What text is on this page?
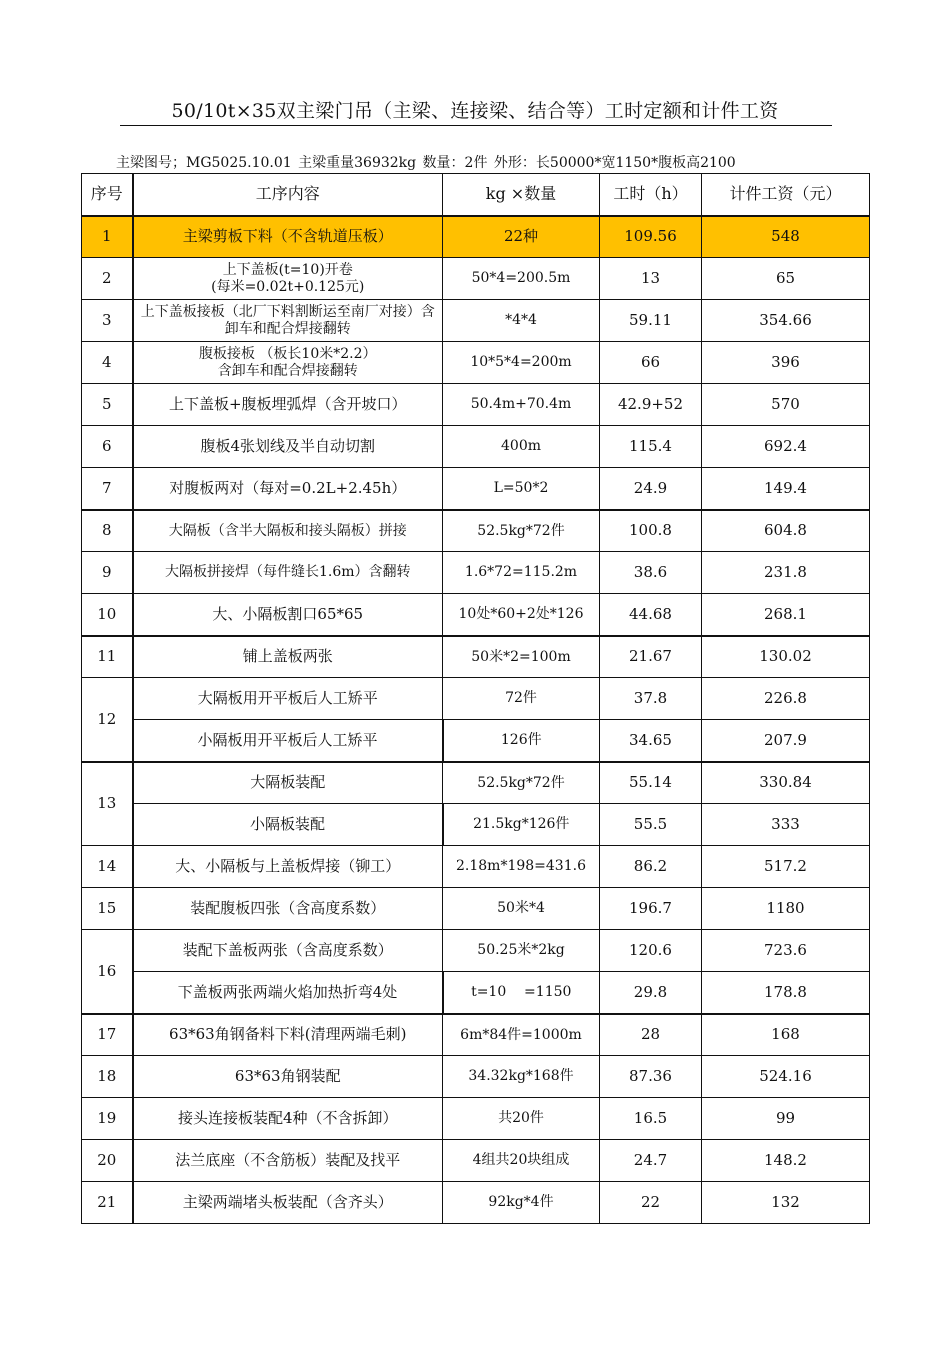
50/10t×35双主梁门吊（主梁、连接梁、结合等）工时定额和计件工资
主梁图号；MG5025.10.01 主梁重量36932kg 数量：2件 外形：长50000*宽1150*腹板高2100
序号	工序内容	kg ×数量	工时（h）	计件工资（元）
1	主梁剪板下料（不含轨道压板）	22种	109.56	548
2	上下盖板(t=10)开卷
(每米=0.02t+0.125元)	50*4=200.5m	13	65
3	上下盖板接板（北厂下料割断运至南厂对接）含卸车和配合焊接翻转	*4*4	59.11	354.66
4	腹板接板 （板长10米*2.2）
含卸车和配合焊接翻转	10*5*4=200m	66	396
5	上下盖板+腹板埋弧焊（含开坡口）	50.4m+70.4m	42.9+52	570
6	腹板4张划线及半自动切割	400m	115.4	692.4
7	对腹板两对（每对=0.2L+2.45h）	L=50*2	24.9	149.4
8	大隔板（含半大隔板和接头隔板）拼接	52.5kg*72件	100.8	604.8
9	大隔板拼接焊（每件缝长1.6m）含翻转	1.6*72=115.2m	38.6	231.8
10	大、小隔板割口65*65	10处*60+2处*126	44.68	268.1
11	铺上盖板两张	50米*2=100m	21.67	130.02
12	大隔板用开平板后人工矫平	72件	37.8	226.8
	小隔板用开平板后人工矫平	126件	34.65	207.9
13	大隔板装配	52.5kg*72件	55.14	330.84
	小隔板装配	21.5kg*126件	55.5	333
14	大、小隔板与上盖板焊接（铆工）	2.18m*198=431.6	86.2	517.2
15	装配腹板四张（含高度系数）	50米*4	196.7	1180
16	装配下盖板两张（含高度系数）	50.25米*2kg	120.6	723.6
	下盖板两张两端火焰加热折弯4处	t=10    =1150	29.8	178.8
17	63*63角钢备料下料(清理两端毛刺)	6m*84件=1000m	28	168
18	63*63角钢装配	34.32kg*168件	87.36	524.16
19	接头连接板装配4种（不含拆卸）	共20件	16.5	99
20	法兰底座（不含筋板）装配及找平	4组共20块组成	24.7	148.2
21	主梁两端堵头板装配（含齐头）	92kg*4件	22	132
